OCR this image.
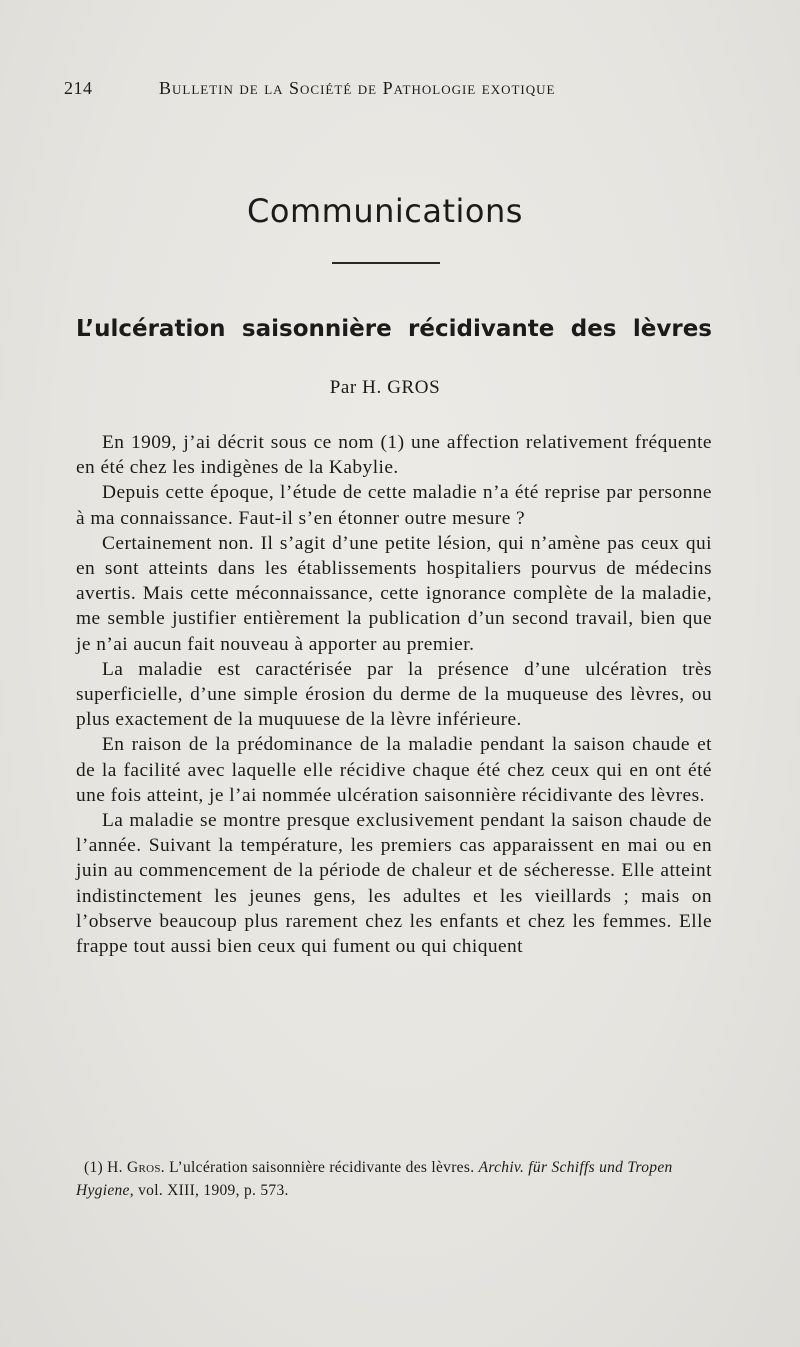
214	Bulletin de la Société de Pathologie exotique
Communications
L’ulcération saisonnière récidivante des lèvres
Par H. GROS

En 1909, j’ai décrit sous ce nom (1) une affection relativement fréquente en été chez les indigènes de la Kabylie.

Depuis cette époque, l’étude de cette maladie n’a été reprise par personne à ma connaissance. Faut-il s’en étonner outre mesure ?

Certainement non. Il s’agit d’une petite lésion, qui n’amène pas ceux qui en sont atteints dans les établissements hospitaliers pourvus de médecins avertis. Mais cette méconnaissance, cette ignorance complète de la maladie, me semble justifier entièrement la publication d’un second travail, bien que je n’ai aucun fait nouveau à apporter au premier.

La maladie est caractérisée par la présence d’une ulcération très superficielle, d’une simple érosion du derme de la muqueuse des lèvres, ou plus exactement de la muquuese de la lèvre inférieure.

En raison de la prédominance de la maladie pendant la saison chaude et de la facilité avec laquelle elle récidive chaque été chez ceux qui en ont été une fois atteint, je l’ai nommée ulcération saisonnière récidivante des lèvres.

La maladie se montre presque exclusivement pendant la saison chaude de l’année. Suivant la température, les premiers cas apparaissent en mai ou en juin au commencement de la période de chaleur et de sécheresse. Elle atteint indistinctement les jeunes gens, les adultes et les vieillards ; mais on l’observe beaucoup plus rarement chez les enfants et chez les femmes. Elle frappe tout aussi bien ceux qui fument ou qui chiquent

(1) H. Gros. L’ulcération saisonnière récidivante des lèvres. Archiv. für Schiffs und Tropen Hygiene, vol. XIII, 1909, p. 573.
